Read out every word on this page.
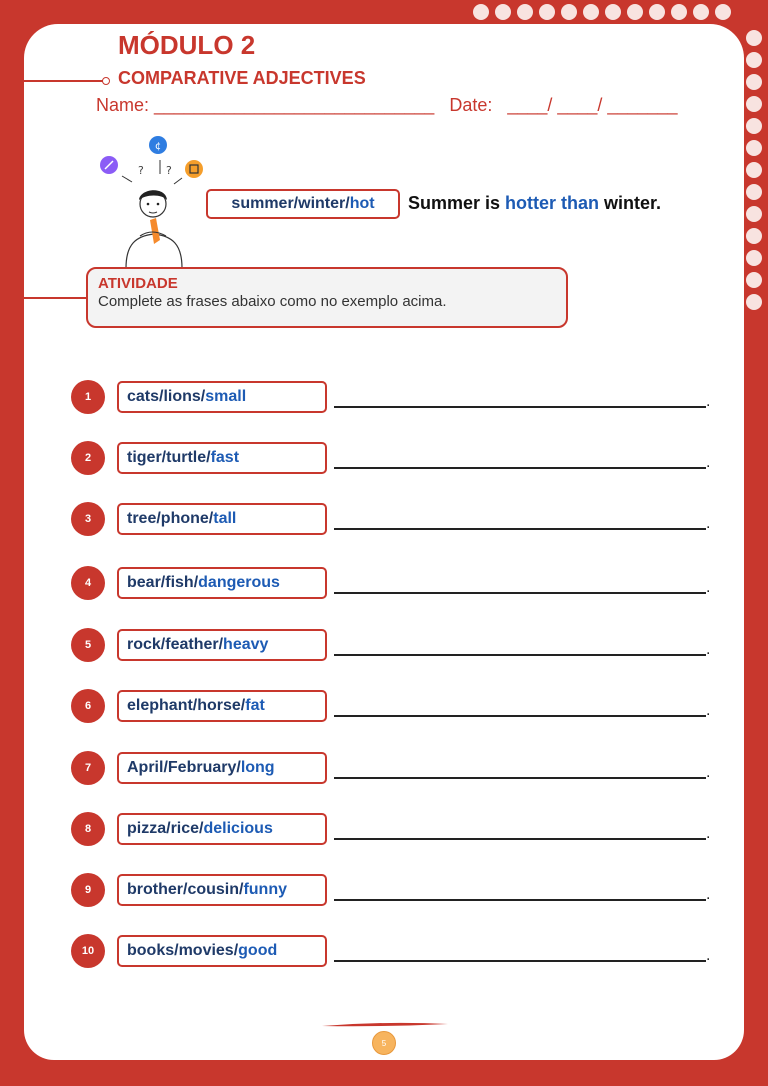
MÓDULO 2
COMPARATIVE ADJECTIVES
Name: ____________________________   Date:   ____/ ____/ _______
¢
? ?
summer/winter/ hot Summer is hotter than winter.
ATIVIDADE
Complete as frases abaixo como no exemplo acima.
1	cats/lions/ small	.
2	tiger/turtle/ fast	.
3	tree/phone/ tall	.
4	bear/fish/ dangerous	.
5	rock/feather/ heavy	.
6	elephant/horse/ fat	.
7	April/February/ long	.
8	pizza/rice/ delicious	.
9	brother/cousin/ funny	.
10	books/movies/ good	.
5
